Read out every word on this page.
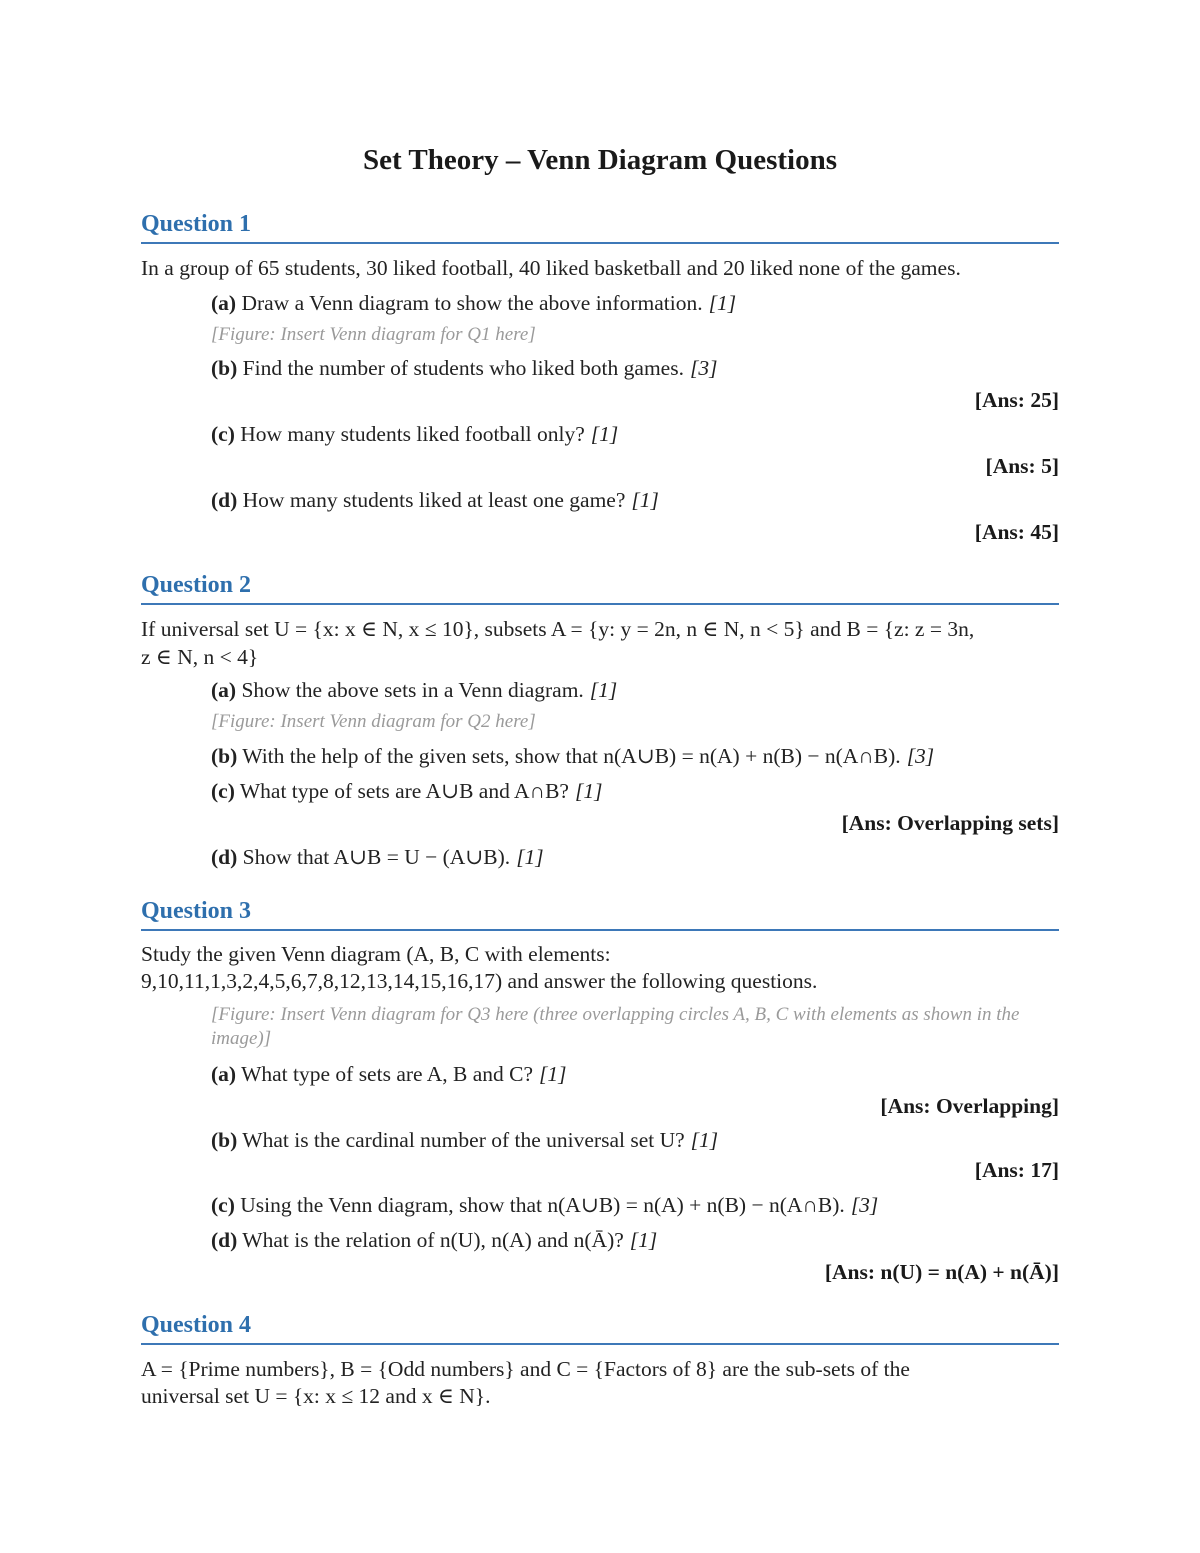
Set Theory – Venn Diagram Questions
Question 1
In a group of 65 students, 30 liked football, 40 liked basketball and 20 liked none of the games.
(a) Draw a Venn diagram to show the above information. [1]
[Figure: Insert Venn diagram for Q1 here]
(b) Find the number of students who liked both games. [3]
[Ans: 25]
(c) How many students liked football only? [1]
[Ans: 5]
(d) How many students liked at least one game? [1]
[Ans: 45]
Question 2
If universal set U = {x: x ∈ N, x ≤ 10}, subsets A = {y: y = 2n, n ∈ N, n < 5} and B = {z: z = 3n,
z ∈ N, n < 4}
(a) Show the above sets in a Venn diagram. [1]
[Figure: Insert Venn diagram for Q2 here]
(b) With the help of the given sets, show that n(A∪B) = n(A) + n(B) − n(A∩B). [3]
(c) What type of sets are A∪B and A∩B? [1]
[Ans: Overlapping sets]
(d) Show that A∪B = U − (A∪B). [1]
Question 3
Study the given Venn diagram (A, B, C with elements:
9,10,11,1,3,2,4,5,6,7,8,12,13,14,15,16,17) and answer the following questions.
[Figure: Insert Venn diagram for Q3 here (three overlapping circles A, B, C with elements as shown in the image)]
(a) What type of sets are A, B and C? [1]
[Ans: Overlapping]
(b) What is the cardinal number of the universal set U? [1]
[Ans: 17]
(c) Using the Venn diagram, show that n(A∪B) = n(A) + n(B) − n(A∩B). [3]
(d) What is the relation of n(U), n(A) and n(Ā)? [1]
[Ans: n(U) = n(A) + n(Ā)]
Question 4
A = {Prime numbers}, B = {Odd numbers} and C = {Factors of 8} are the sub-sets of the
universal set U = {x: x ≤ 12 and x ∈ N}.
